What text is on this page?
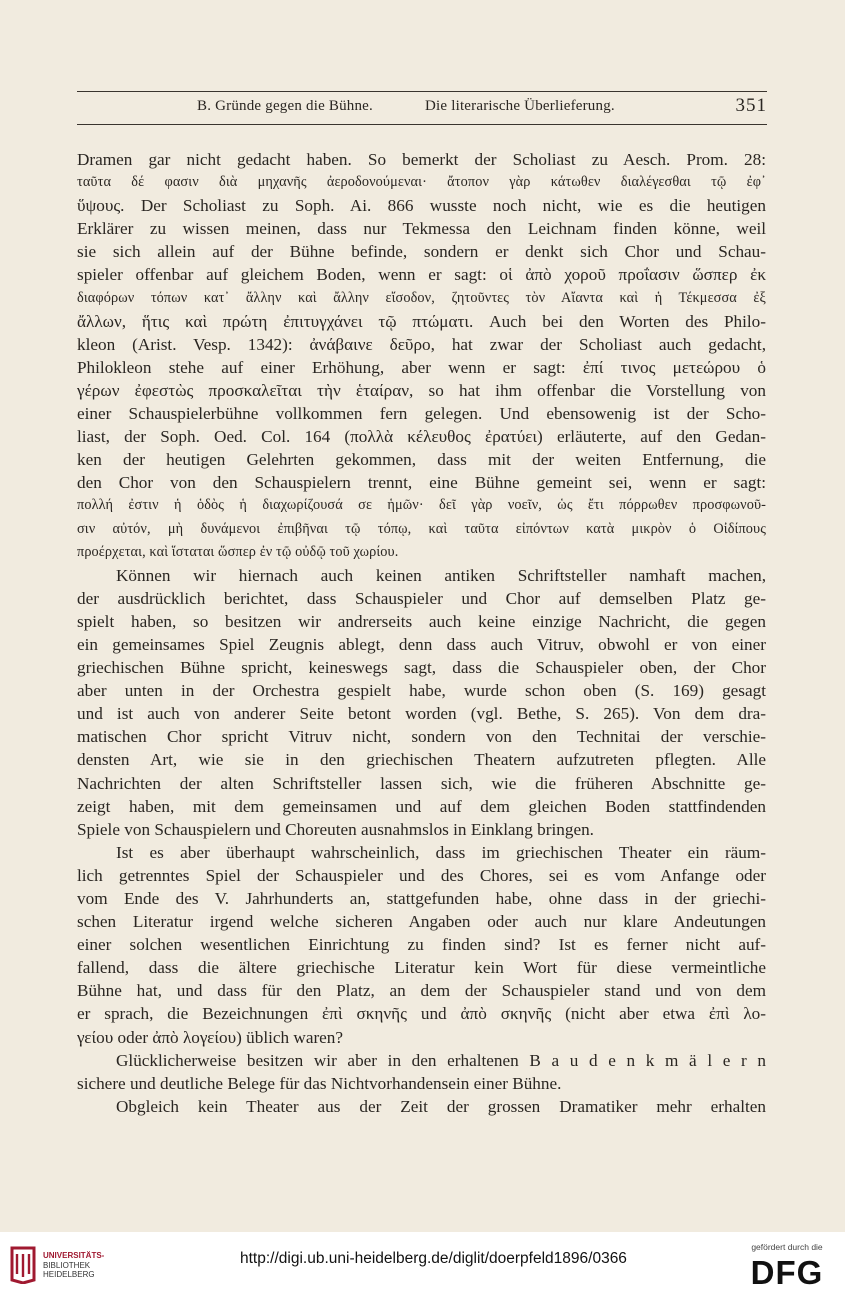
B. Gründe gegen die Bühne.	Die literarische Überlieferung.	351
Dramen gar nicht gedacht haben. So bemerkt der Scholiast zu Aesch. Prom. 28:
ταῦτα δέ φασιν διὰ μηχανῆς ἀεροδονούμεναι· ἄτοπον γὰρ κάτωθεν διαλέγεσθαι τῷ ἐφ᾽
ὕψους. Der Scholiast zu Soph. Ai. 866 wusste noch nicht, wie es die heutigen
Erklärer zu wissen meinen, dass nur Tekmessa den Leichnam finden könne, weil
sie sich allein auf der Bühne befinde, sondern er denkt sich Chor und Schau-
spieler offenbar auf gleichem Boden, wenn er sagt: οἱ ἀπὸ χοροῦ προΐασιν ὥσπερ ἐκ
διαφόρων τόπων κατ᾽ ἄλλην καὶ ἄλλην εἴσοδον, ζητοῦντες τὸν Αἴαντα καὶ ἡ Τέκμεσσα ἐξ
ἄλλων, ἥτις καὶ πρώτη ἐπιτυγχάνει τῷ πτώματι. Auch bei den Worten des Philo-
kleon (Arist. Vesp. 1342): ἀνάβαινε δεῦρο, hat zwar der Scholiast auch gedacht,
Philokleon stehe auf einer Erhöhung, aber wenn er sagt: ἐπί τινος μετεώρου ὁ
γέρων ἐφεστὼς προσκαλεῖται τὴν ἑταίραν, so hat ihm offenbar die Vorstellung von
einer Schauspielerbühne vollkommen fern gelegen. Und ebensowenig ist der Scho-
liast, der Soph. Oed. Col. 164 (πολλὰ κέλευθος ἐρατύει) erläuterte, auf den Gedan-
ken der heutigen Gelehrten gekommen, dass mit der weiten Entfernung, die
den Chor von den Schauspielern trennt, eine Bühne gemeint sei, wenn er sagt:
πολλή ἐστιν ἡ ὁδὸς ἡ διαχωρίζουσά σε ἡμῶν· δεῖ γὰρ νοεῖν, ὡς ἔτι πόρρωθεν προσφωνοῦ-
σιν αὐτόν, μὴ δυνάμενοι ἐπιβῆναι τῷ τόπῳ, καὶ ταῦτα εἰπόντων κατὰ μικρὸν ὁ Οἰδίπους
προέρχεται, καὶ ἵσταται ὥσπερ ἐν τῷ οὐδῷ τοῦ χωρίου.
Können wir hiernach auch keinen antiken Schriftsteller namhaft machen,
der ausdrücklich berichtet, dass Schauspieler und Chor auf demselben Platz ge-
spielt haben, so besitzen wir andrerseits auch keine einzige Nachricht, die gegen
ein gemeinsames Spiel Zeugnis ablegt, denn dass auch Vitruv, obwohl er von einer
griechischen Bühne spricht, keineswegs sagt, dass die Schauspieler oben, der Chor
aber unten in der Orchestra gespielt habe, wurde schon oben (S. 169) gesagt
und ist auch von anderer Seite betont worden (vgl. Bethe, S. 265). Von dem dra-
matischen Chor spricht Vitruv nicht, sondern von den Technitai der verschie-
densten Art, wie sie in den griechischen Theatern aufzutreten pflegten. Alle
Nachrichten der alten Schriftsteller lassen sich, wie die früheren Abschnitte ge-
zeigt haben, mit dem gemeinsamen und auf dem gleichen Boden stattfindenden
Spiele von Schauspielern und Choreuten ausnahmslos in Einklang bringen.
Ist es aber überhaupt wahrscheinlich, dass im griechischen Theater ein räum-
lich getrenntes Spiel der Schauspieler und des Chores, sei es vom Anfange oder
vom Ende des V. Jahrhunderts an, stattgefunden habe, ohne dass in der griechi-
schen Literatur irgend welche sicheren Angaben oder auch nur klare Andeutungen
einer solchen wesentlichen Einrichtung zu finden sind? Ist es ferner nicht auf-
fallend, dass die ältere griechische Literatur kein Wort für diese vermeintliche
Bühne hat, und dass für den Platz, an dem der Schauspieler stand und von dem
er sprach, die Bezeichnungen ἐπὶ σκηνῆς und ἀπὸ σκηνῆς (nicht aber etwa ἐπὶ λο-
γείου oder ἀπὸ λογείου) üblich waren?
Glücklicherweise besitzen wir aber in den erhaltenen B a u d e n k m ä l e r n
sichere und deutliche Belege für das Nichtvorhandensein einer Bühne.
Obgleich kein Theater aus der Zeit der grossen Dramatiker mehr erhalten
UNIVERSITÄTS-
BIBLIOTHEK
HEIDELBERG
http://digi.ub.uni-heidelberg.de/diglit/doerpfeld1896/0366
gefördert durch die
DFG
